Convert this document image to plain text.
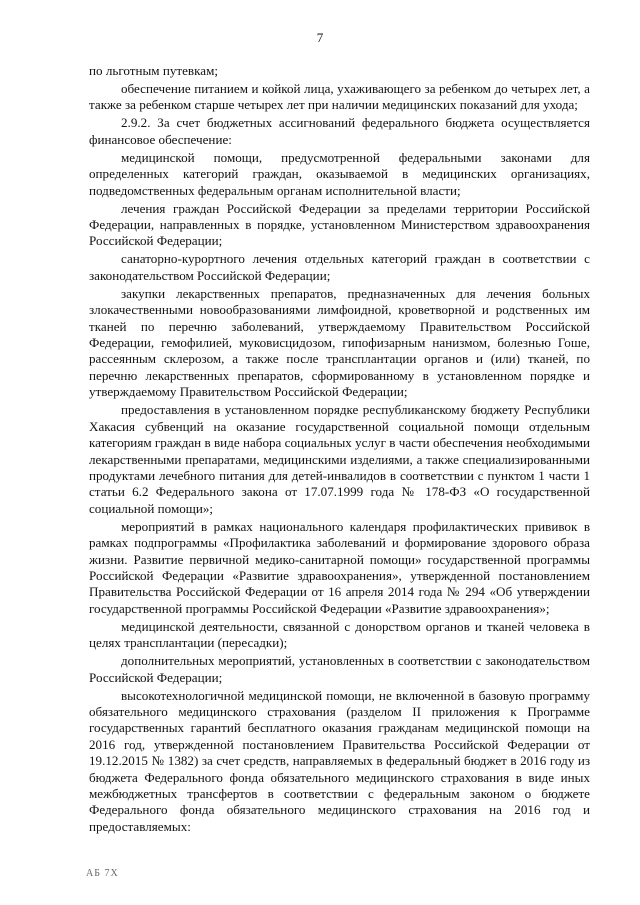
7

по льготным путевкам;

обеспечение питанием и койкой лица, ухаживающего за ребенком до четырех лет, а также за ребенком старше четырех лет при наличии медицинских показаний для ухода;

2.9.2. За счет бюджетных ассигнований федерального бюджета осуществляется финансовое обеспечение:

медицинской помощи, предусмотренной федеральными законами для определенных категорий граждан, оказываемой в медицинских организациях, подведомственных федеральным органам исполнительной власти;

лечения граждан Российской Федерации за пределами территории Российской Федерации, направленных в порядке, установленном Министерством здравоохранения Российской Федерации;

санаторно-курортного лечения отдельных категорий граждан в соответствии с законодательством Российской Федерации;

закупки лекарственных препаратов, предназначенных для лечения больных злокачественными новообразованиями лимфоидной, кроветворной и родственных им тканей по перечню заболеваний, утверждаемому Правительством Российской Федерации, гемофилией, муковисцидозом, гипофизарным нанизмом, болезнью Гоше, рассеянным склерозом, а также после трансплантации органов и (или) тканей, по перечню лекарственных препаратов, сформированному в установленном порядке и утверждаемому Правительством Российской Федерации;

предоставления в установленном порядке республиканскому бюджету Республики Хакасия субвенций на оказание государственной социальной помощи отдельным категориям граждан в виде набора социальных услуг в части обеспечения необходимыми лекарственными препаратами, медицинскими изделиями, а также специализированными продуктами лечебного питания для детей-инвалидов в соответствии с пунктом 1 части 1 статьи 6.2 Федерального закона от 17.07.1999 года № 178-ФЗ «О государственной социальной помощи»;

мероприятий в рамках национального календаря профилактических прививок в рамках подпрограммы «Профилактика заболеваний и формирование здорового образа жизни. Развитие первичной медико-санитарной помощи» государственной программы Российской Федерации «Развитие здравоохранения», утвержденной постановлением Правительства Российской Федерации от 16 апреля 2014 года № 294 «Об утверждении государственной программы Российской Федерации «Развитие здравоохранения»;

медицинской деятельности, связанной с донорством органов и тканей человека в целях трансплантации (пересадки);

дополнительных мероприятий, установленных в соответствии с законодательством Российской Федерации;

высокотехнологичной медицинской помощи, не включенной в базовую программу обязательного медицинского страхования (разделом II приложения к Программе государственных гарантий бесплатного оказания гражданам медицинской помощи на 2016 год, утвержденной постановлением Правительства Российской Федерации от 19.12.2015 № 1382) за счет средств, направляемых в федеральный бюджет в 2016 году из бюджета Федерального фонда обязательного медицинского страхования в виде иных межбюджетных трансфертов в соответствии с федеральным законом о бюджете Федерального фонда обязательного медицинского страхования на 2016 год и предоставляемых:

АБ 7Х
